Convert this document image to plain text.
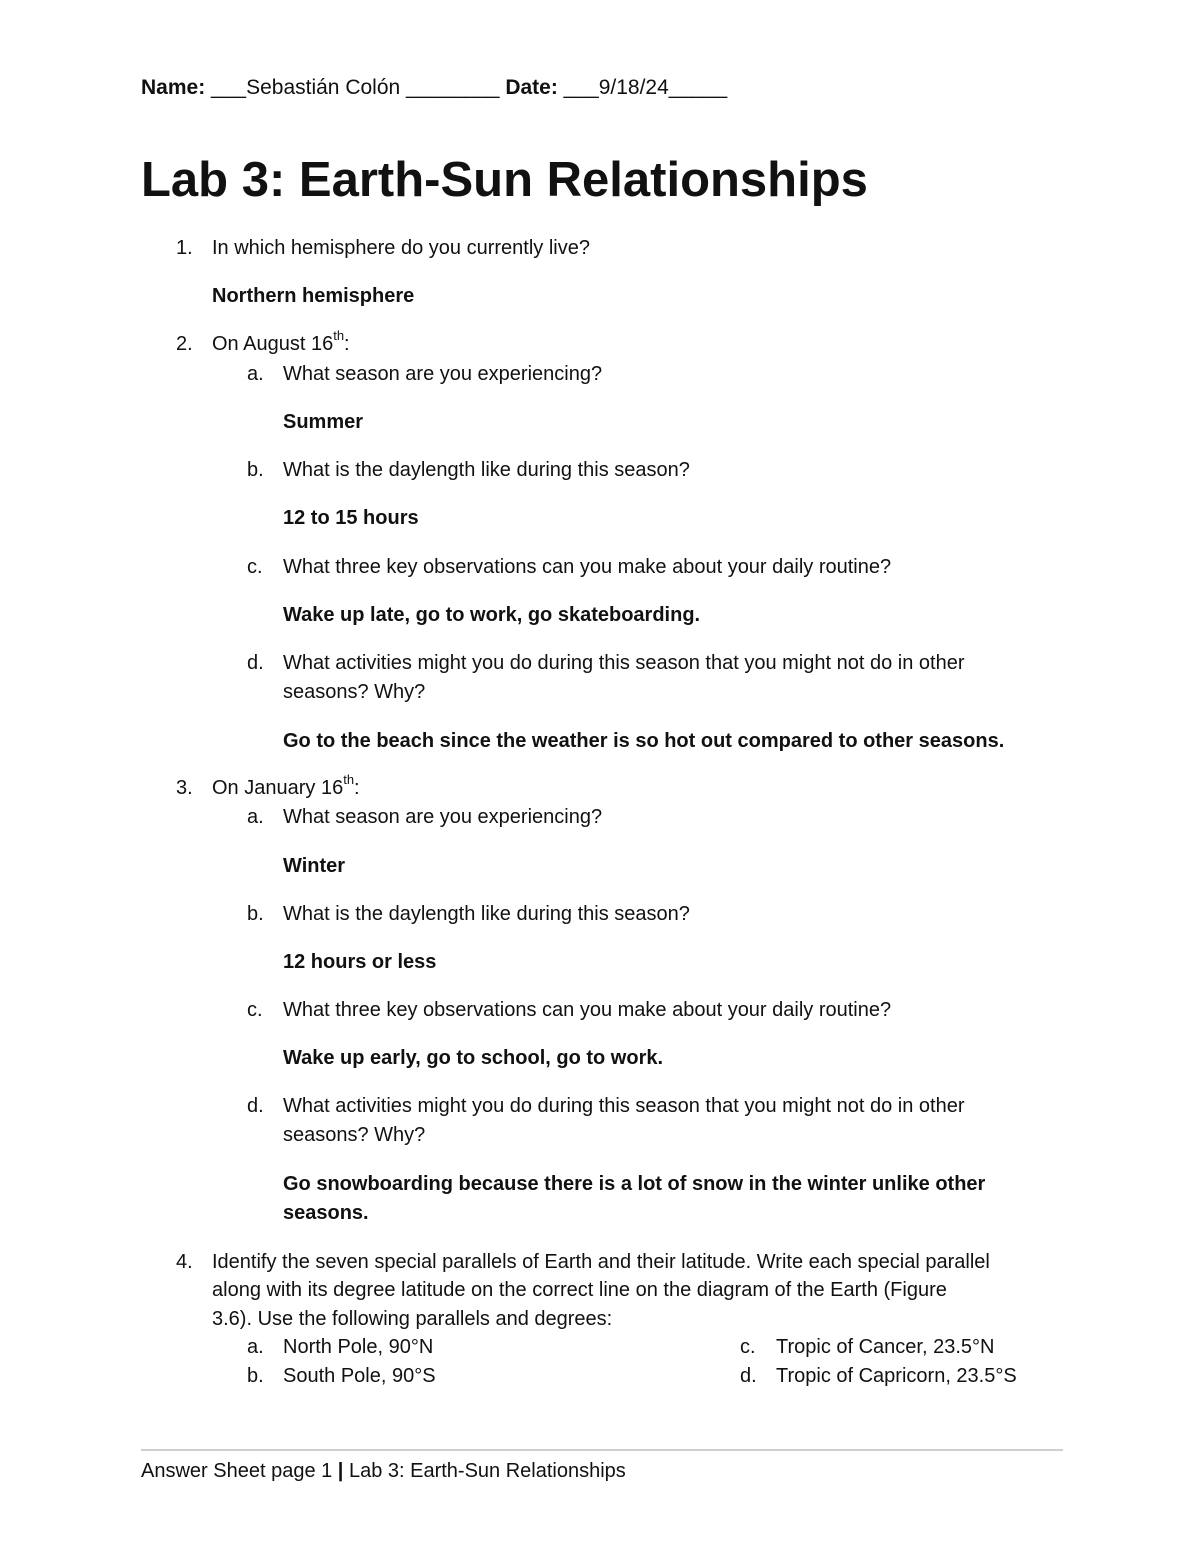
Name: ___Sebastián Colón ________ Date: ___9/18/24_____
Lab 3: Earth-Sun Relationships
1. In which hemisphere do you currently live?
Northern hemisphere
2. On August 16th:
a. What season are you experiencing?
Summer
b. What is the daylength like during this season?
12 to 15 hours
c. What three key observations can you make about your daily routine?
Wake up late, go to work, go skateboarding.
d. What activities might you do during this season that you might not do in other
seasons? Why?
Go to the beach since the weather is so hot out compared to other seasons.
3. On January 16th:
a. What season are you experiencing?
Winter
b. What is the daylength like during this season?
12 hours or less
c. What three key observations can you make about your daily routine?
Wake up early, go to school, go to work.
d. What activities might you do during this season that you might not do in other
seasons? Why?
Go snowboarding because there is a lot of snow in the winter unlike other
seasons.
4. Identify the seven special parallels of Earth and their latitude. Write each special parallel
along with its degree latitude on the correct line on the diagram of the Earth (Figure
3.6). Use the following parallels and degrees:
a. North Pole, 90°N	c. Tropic of Cancer, 23.5°N
b. South Pole, 90°S	d. Tropic of Capricorn, 23.5°S
Answer Sheet page 1 | Lab 3: Earth-Sun Relationships
